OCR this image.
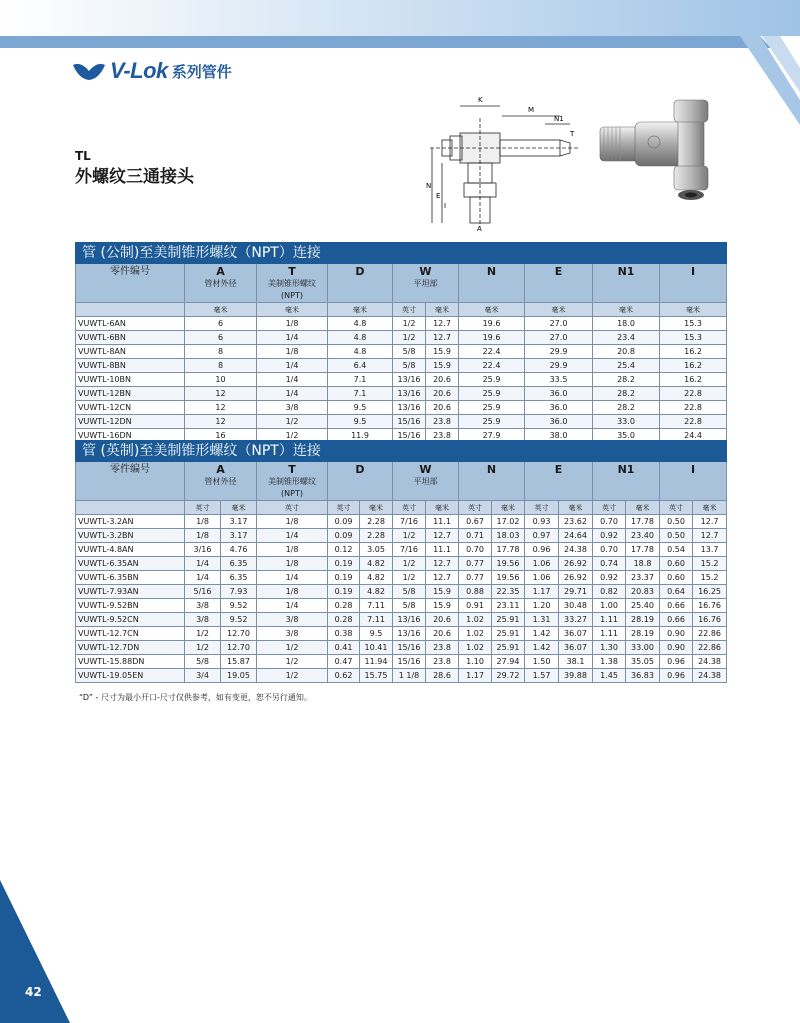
V-Lok 系列管件
TL
外螺纹三通接头
K
M
N1
N
E
I
A
T
管 (公制)至美制锥形螺纹（NPT）连接									
零件编号	A
管材外径	T
美制锥形螺纹
(NPT)	D	W
平坦部		N	E	N1	I

	毫米	毫米	毫米	英寸	毫米	毫米	毫米	毫米	毫米
VUWTL-6AN	6	1/8	4.8	1/2	12.7	19.6	27.0	18.0	15.3
VUWTL-6BN	6	1/4	4.8	1/2	12.7	19.6	27.0	23.4	15.3
VUWTL-8AN	8	1/8	4.8	5/8	15.9	22.4	29.9	20.8	16.2
VUWTL-8BN	8	1/4	6.4	5/8	15.9	22.4	29.9	25.4	16.2
VUWTL-10BN	10	1/4	7.1	13/16	20.6	25.9	33.5	28.2	16.2
VUWTL-12BN	12	1/4	7.1	13/16	20.6	25.9	36.0	28.2	22.8
VUWTL-12CN	12	3/8	9.5	13/16	20.6	25.9	36.0	28.2	22.8
VUWTL-12DN	12	1/2	9.5	15/16	23.8	25.9	36.0	33.0	22.8
VUWTL-16DN	16	1/2	11.9	15/16	23.8	27.9	38.0	35.0	24.4
管 (英制)至美制锥形螺纹（NPT）连接															
零件编号	A
管材外径		T
美制锥形螺纹
(NPT)	D		W
平坦部		N		E		N1		I	

	英寸	毫米	英寸	英寸	毫米	英寸	毫米	英寸	毫米	英寸	毫米	英寸	毫米	英寸	毫米
VUWTL-3.2AN	1/8	3.17	1/8	0.09	2.28	7/16	11.1	0.67	17.02	0.93	23.62	0.70	17.78	0.50	12.7
VUWTL-3.2BN	1/8	3.17	1/4	0.09	2.28	1/2	12.7	0.71	18.03	0.97	24.64	0.92	23.40	0.50	12.7
VUWTL-4.8AN	3/16	4.76	1/8	0.12	3.05	7/16	11.1	0.70	17.78	0.96	24.38	0.70	17.78	0.54	13.7
VUWTL-6.35AN	1/4	6.35	1/8	0.19	4.82	1/2	12.7	0.77	19.56	1.06	26.92	0.74	18.8	0.60	15.2
VUWTL-6.35BN	1/4	6.35	1/4	0.19	4.82	1/2	12.7	0.77	19.56	1.06	26.92	0.92	23.37	0.60	15.2
VUWTL-7.93AN	5/16	7.93	1/8	0.19	4.82	5/8	15.9	0.88	22.35	1.17	29.71	0.82	20.83	0.64	16.25
VUWTL-9.52BN	3/8	9.52	1/4	0.28	7.11	5/8	15.9	0.91	23.11	1.20	30.48	1.00	25.40	0.66	16.76
VUWTL-9.52CN	3/8	9.52	3/8	0.28	7.11	13/16	20.6	1.02	25.91	1.31	33.27	1.11	28.19	0.66	16.76
VUWTL-12.7CN	1/2	12.70	3/8	0.38	9.5	13/16	20.6	1.02	25.91	1.42	36.07	1.11	28.19	0.90	22.86
VUWTL-12.7DN	1/2	12.70	1/2	0.41	10.41	15/16	23.8	1.02	25.91	1.42	36.07	1.30	33.00	0.90	22.86
VUWTL-15.88DN	5/8	15.87	1/2	0.47	11.94	15/16	23.8	1.10	27.94	1.50	38.1	1.38	35.05	0.96	24.38
VUWTL-19.05EN	3/4	19.05	1/2	0.62	15.75	1 1/8	28.6	1.17	29.72	1.57	39.88	1.45	36.83	0.96	24.38
“D” - 尺寸为最小开口-尺寸仅供参考，如有变更，恕不另行通知。
42
